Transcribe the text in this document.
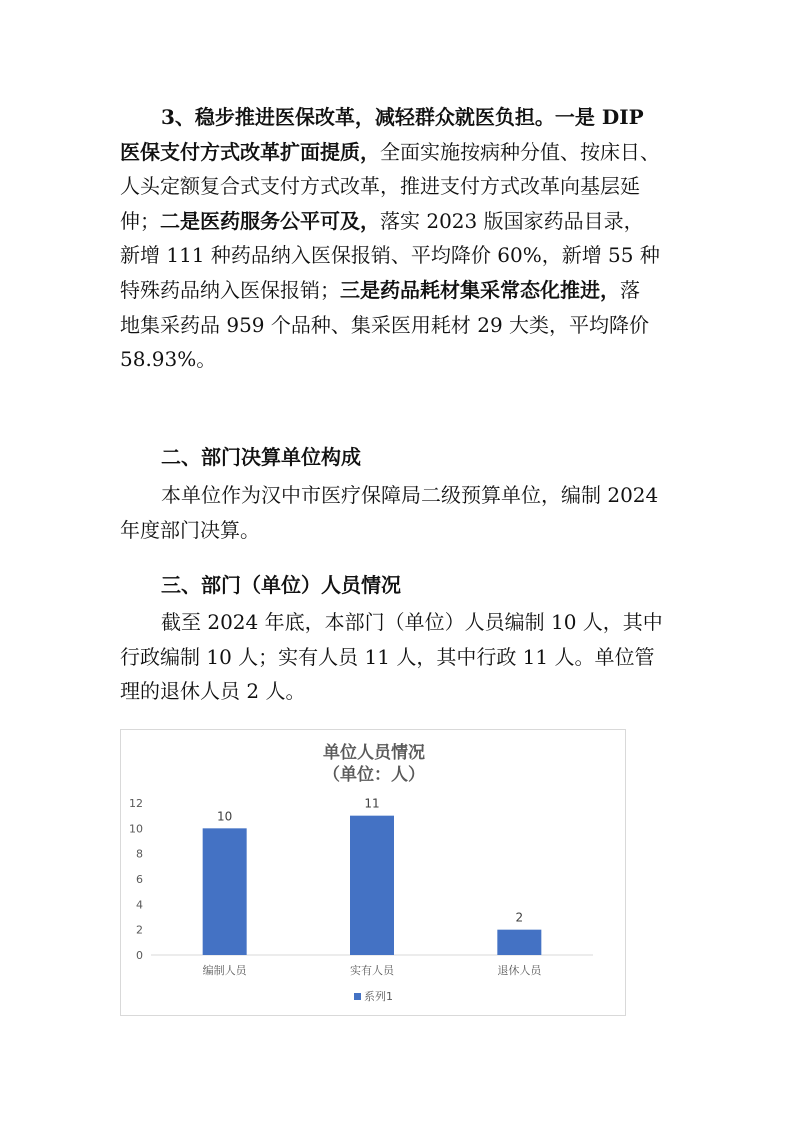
3、稳步推进医保改革，减轻群众就医负担。一是 DIP
医保支付方式改革扩面提质，全面实施按病种分值、按床日、
人头定额复合式支付方式改革，推进支付方式改革向基层延
伸；二是医药服务公平可及，落实 2023 版国家药品目录，
新增 111 种药品纳入医保报销、平均降价 60%，新增 55 种
特殊药品纳入医保报销；三是药品耗材集采常态化推进，落
地集采药品 959 个品种、集采医用耗材 29 大类，平均降价
58.93%。
二、部门决算单位构成
本单位作为汉中市医疗保障局二级预算单位，编制 2024
年度部门决算。
三、部门（单位）人员情况
截至 2024 年底，本部门（单位）人员编制 10 人，其中
行政编制 10 人；实有人员 11 人，其中行政 11 人。单位管
理的退休人员 2 人。
单位人员情况
（单位：人）
0
2
4
6
8
10
12
10
11
2
编制人员	实有人员	退休人员
系列1
